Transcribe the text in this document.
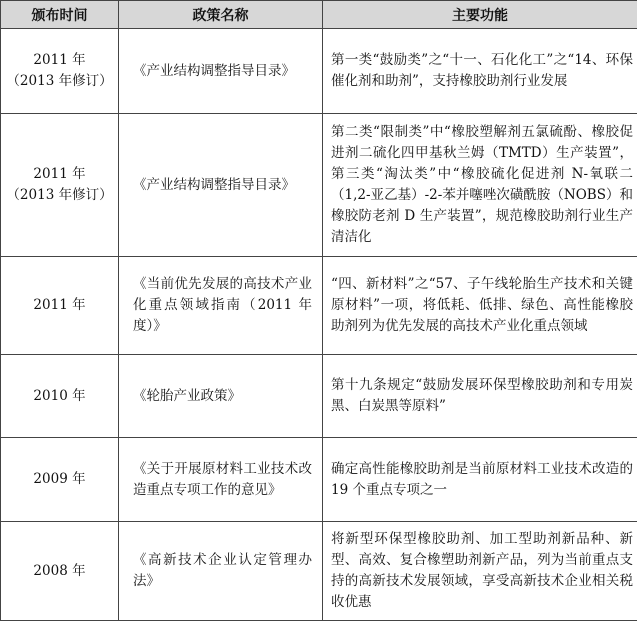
颁布时间	政策名称	主要功能

2011 年
（2013 年修订）	《产业结构调整指导目录》	第一类“鼓励类”之“十一、石化化工”之“14、环保催化剂和助剂”，支持橡胶助剂行业发展

2011 年
（2013 年修订）	《产业结构调整指导目录》	第二类“限制类”中“橡胶塑解剂五氯硫酚、橡胶促进剂二硫化四甲基秋兰姆（TMTD）生产装置”，第三类“淘汰类”中“橡胶硫化促进剂 N-氧联二（1,2-亚乙基）-2-苯并噻唑次磺酰胺（NOBS）和橡胶防老剂 D 生产装置”，规范橡胶助剂行业生产清洁化

2011 年	《当前优先发展的高技术产业化重点领域指南（2011 年度）》	“四、新材料”之“57、子午线轮胎生产技术和关键原材料”一项，将低耗、低排、绿色、高性能橡胶助剂列为优先发展的高技术产业化重点领域

2010 年	《轮胎产业政策》	第十九条规定“鼓励发展环保型橡胶助剂和专用炭黑、白炭黑等原料”

2009 年	《关于开展原材料工业技术改造重点专项工作的意见》	确定高性能橡胶助剂是当前原材料工业技术改造的 19 个重点专项之一

2008 年	《高新技术企业认定管理办法》	将新型环保型橡胶助剂、加工型助剂新品种、新型、高效、复合橡塑助剂新产品，列为当前重点支持的高新技术发展领域，享受高新技术企业相关税收优惠
